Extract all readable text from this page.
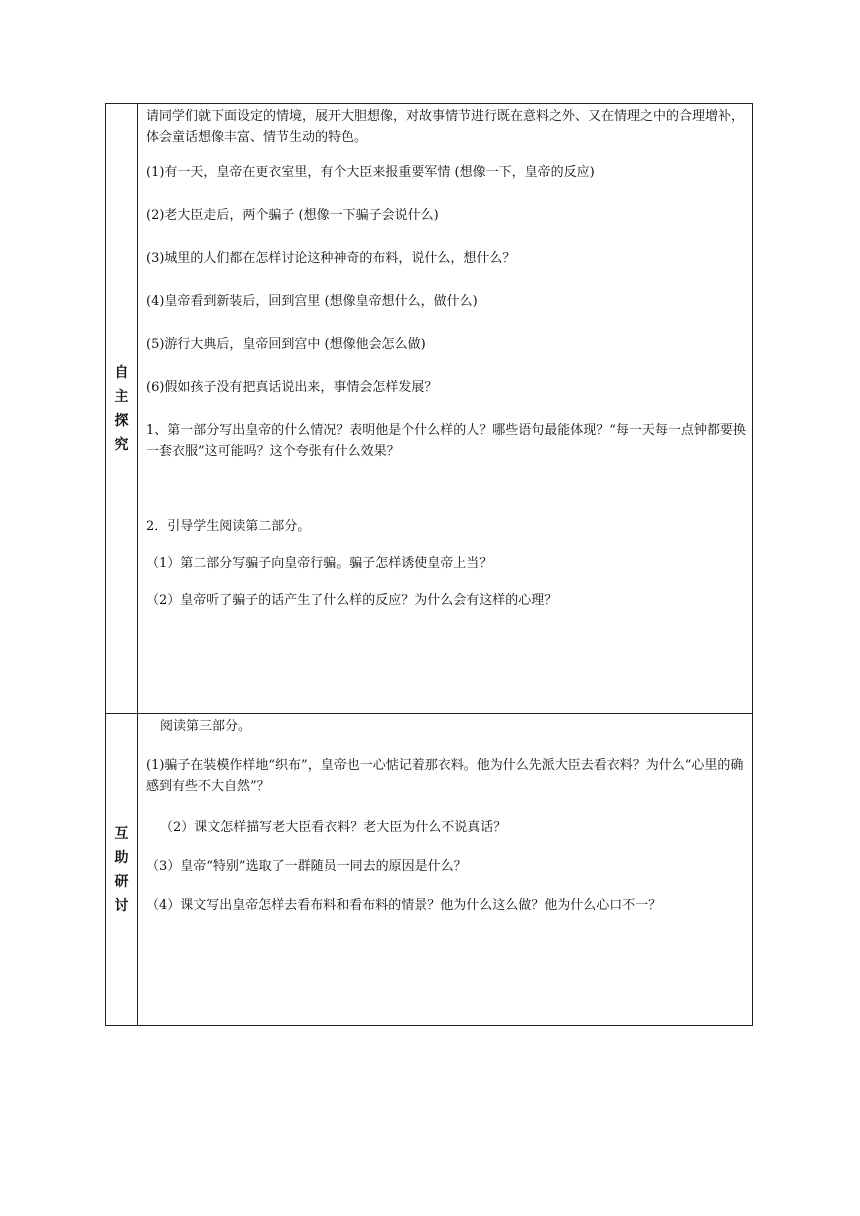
自
主
探
究

请同学们就下面设定的情境，展开大胆想像，对故事情节进行既在意料之外、又在情理之中的合理增补，体会童话想像丰富、情节生动的特色。

(1)有一天，皇帝在更衣室里，有个大臣来报重要军情 (想像一下，皇帝的反应)

(2)老大臣走后，两个骗子 (想像一下骗子会说什么)

(3)城里的人们都在怎样讨论这种神奇的布料，说什么，想什么？

(4)皇帝看到新装后，回到宫里 (想像皇帝想什么，做什么)

(5)游行大典后，皇帝回到宫中 (想像他会怎么做)

(6)假如孩子没有把真话说出来，事情会怎样发展？

1、第一部分写出皇帝的什么情况？表明他是个什么样的人？哪些语句最能体现？“每一天每一点钟都要换一套衣服”这可能吗？这个夸张有什么效果？

2．引导学生阅读第二部分。

（1）第二部分写骗子向皇帝行骗。骗子怎样诱使皇帝上当？

（2）皇帝听了骗子的话产生了什么样的反应？为什么会有这样的心理？

互
助
研
讨

阅读第三部分。

(1)骗子在装模作样地“织布”，皇帝也一心惦记着那衣料。他为什么先派大臣去看衣料？为什么“心里的确感到有些不大自然”？

（2）课文怎样描写老大臣看衣料？老大臣为什么不说真话？

（3）皇帝“特别”选取了一群随员一同去的原因是什么？

（4）课文写出皇帝怎样去看布料和看布料的情景？他为什么这么做？他为什么心口不一？
